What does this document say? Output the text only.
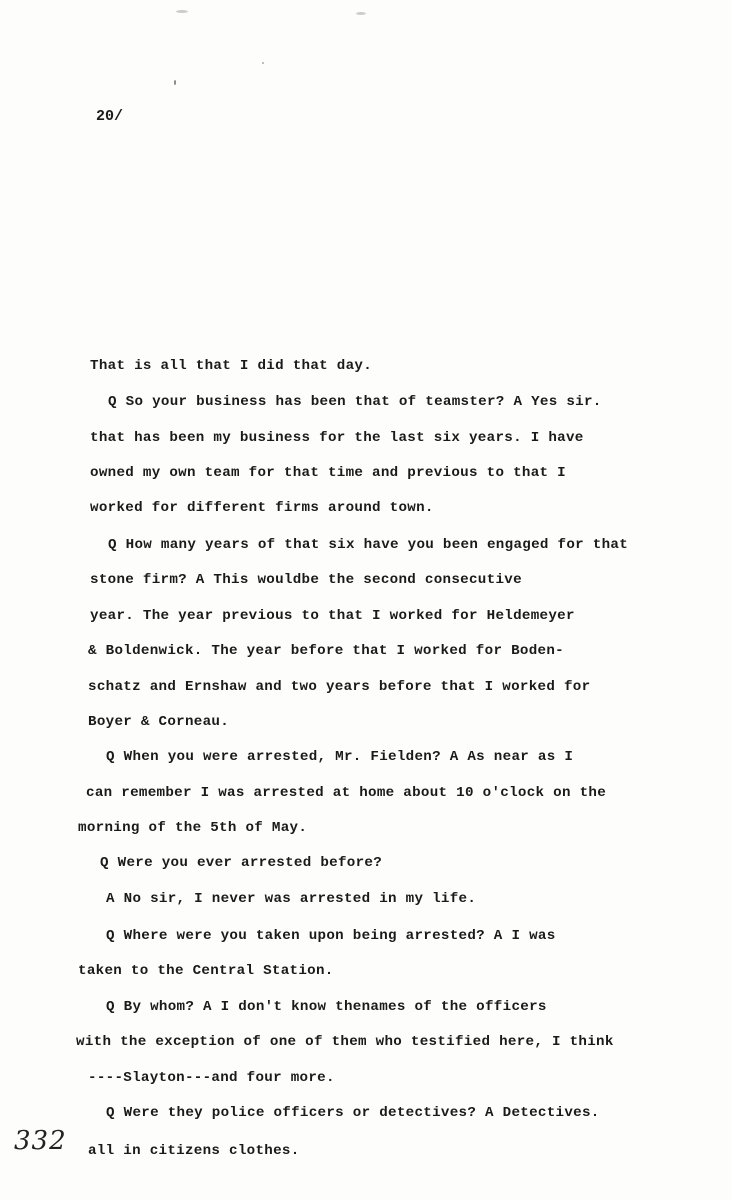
20/
That is all that I did that day.
Q So your business has been that of teamster? A Yes sir.
that has been my business for the last six years. I have
owned my own team for that time and previous to that I
worked for different firms around town.
Q How many years of that six have you been engaged for that
stone firm? A This wouldbe the second consecutive
year. The year previous to that I worked for Heldemeyer
& Boldenwick. The year before that I worked for Boden-
schatz and Ernshaw and two years before that I worked for
Boyer & Corneau.
Q When you were arrested, Mr. Fielden? A As near as I
can remember I was arrested at home about 10 o'clock on the
morning of the 5th of May.
Q Were you ever arrested before?
A No sir, I never was arrested in my life.
Q Where were you taken upon being arrested? A I was
taken to the Central Station.
Q By whom? A I don't know thenames of the officers
with the exception of one of them who testified here, I think
----Slayton---and four more.
Q Were they police officers or detectives? A Detectives.
all in citizens clothes.
332
